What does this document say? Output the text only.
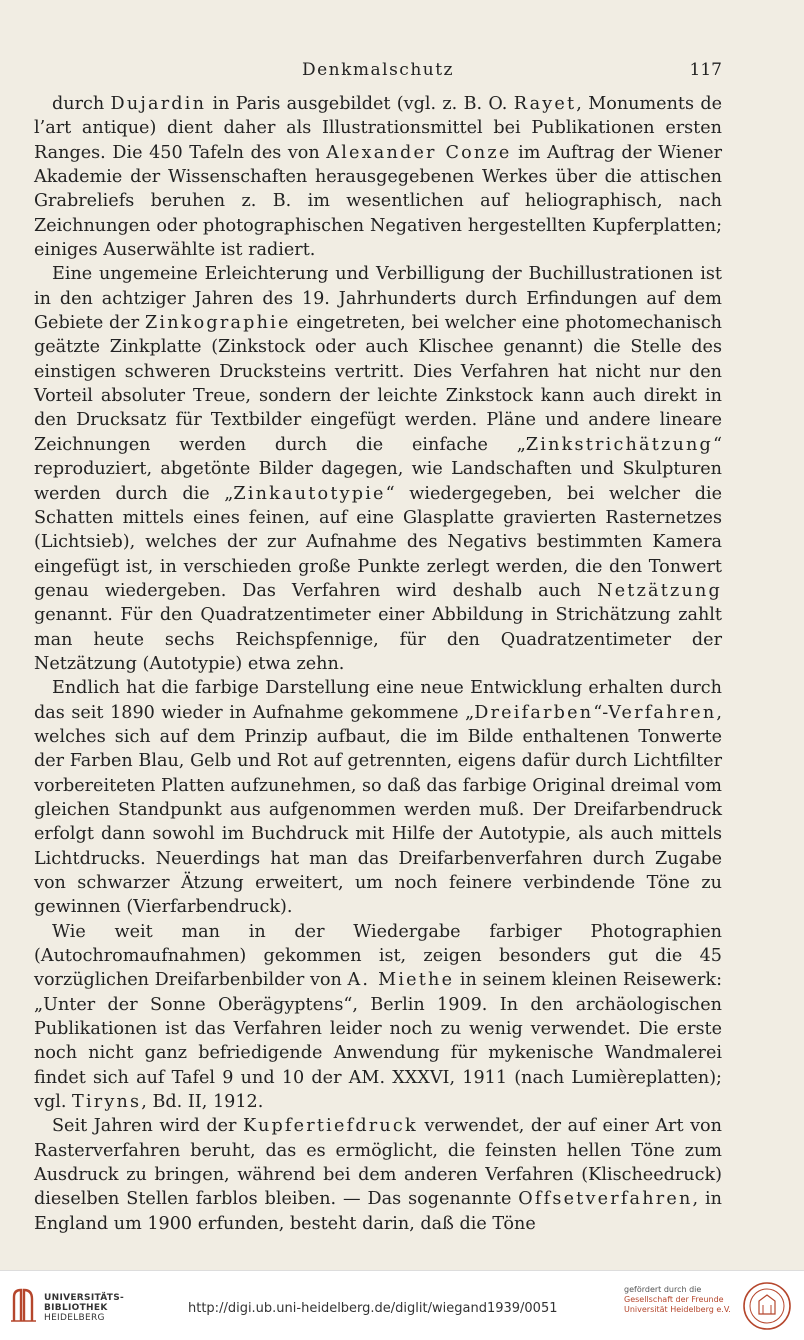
Denkmalschutz	117

durch Dujardin in Paris ausgebildet (vgl. z. B. O. Rayet, Monuments de l’art antique) dient daher als Illustrationsmittel bei Publikationen ersten Ranges. Die 450 Tafeln des von Alexander Conze im Auftrag der Wiener Akademie der Wissenschaften herausgegebenen Werkes über die attischen Grabreliefs beruhen z. B. im wesentlichen auf heliographisch, nach Zeichnungen oder photographischen Negativen hergestellten Kupferplatten; einiges Auserwählte ist radiert.

Eine ungemeine Erleichterung und Verbilligung der Buchillustrationen ist in den achtziger Jahren des 19. Jahrhunderts durch Erfindungen auf dem Gebiete der Zinkographie eingetreten, bei welcher eine photomechanisch geätzte Zinkplatte (Zinkstock oder auch Klischee genannt) die Stelle des einstigen schweren Drucksteins vertritt. Dies Verfahren hat nicht nur den Vorteil absoluter Treue, sondern der leichte Zinkstock kann auch direkt in den Drucksatz für Textbilder eingefügt werden. Pläne und andere lineare Zeichnungen werden durch die einfache „Zinkstrichätzung“ reproduziert, abgetönte Bilder dagegen, wie Landschaften und Skulpturen werden durch die „Zinkautotypie“ wiedergegeben, bei welcher die Schatten mittels eines feinen, auf eine Glasplatte gravierten Rasternetzes (Lichtsieb), welches der zur Aufnahme des Negativs bestimmten Kamera eingefügt ist, in verschieden große Punkte zerlegt werden, die den Tonwert genau wiedergeben. Das Verfahren wird deshalb auch Netzätzung genannt. Für den Quadratzentimeter einer Abbildung in Strichätzung zahlt man heute sechs Reichspfennige, für den Quadratzentimeter der Netzätzung (Autotypie) etwa zehn.

Endlich hat die farbige Darstellung eine neue Entwicklung erhalten durch das seit 1890 wieder in Aufnahme gekommene „Dreifarben“-Verfahren, welches sich auf dem Prinzip aufbaut, die im Bilde enthaltenen Tonwerte der Farben Blau, Gelb und Rot auf getrennten, eigens dafür durch Lichtfilter vorbereiteten Platten aufzunehmen, so daß das farbige Original dreimal vom gleichen Standpunkt aus aufgenommen werden muß. Der Dreifarbendruck erfolgt dann sowohl im Buchdruck mit Hilfe der Autotypie, als auch mittels Lichtdrucks. Neuerdings hat man das Dreifarbenverfahren durch Zugabe von schwarzer Ätzung erweitert, um noch feinere verbindende Töne zu gewinnen (Vierfarbendruck).

Wie weit man in der Wiedergabe farbiger Photographien (Autochromaufnahmen) gekommen ist, zeigen besonders gut die 45 vorzüglichen Dreifarbenbilder von A. Miethe in seinem kleinen Reisewerk: „Unter der Sonne Oberägyptens“, Berlin 1909. In den archäologischen Publikationen ist das Verfahren leider noch zu wenig verwendet. Die erste noch nicht ganz befriedigende Anwendung für mykenische Wandmalerei findet sich auf Tafel 9 und 10 der AM. XXXVI, 1911 (nach Lumièreplatten); vgl. Tiryns, Bd. II, 1912.

Seit Jahren wird der Kupfertiefdruck verwendet, der auf einer Art von Rasterverfahren beruht, das es ermöglicht, die feinsten hellen Töne zum Ausdruck zu bringen, während bei dem anderen Verfahren (Klischeedruck) dieselben Stellen farblos bleiben. — Das sogenannte Offsetverfahren, in England um 1900 erfunden, besteht darin, daß die Töne

UNIVERSITÄTS-
BIBLIOTHEK
HEIDELBERG
http://digi.ub.uni-heidelberg.de/diglit/wiegand1939/0051
gefördert durch die
Gesellschaft der Freunde
Universität Heidelberg e.V.
